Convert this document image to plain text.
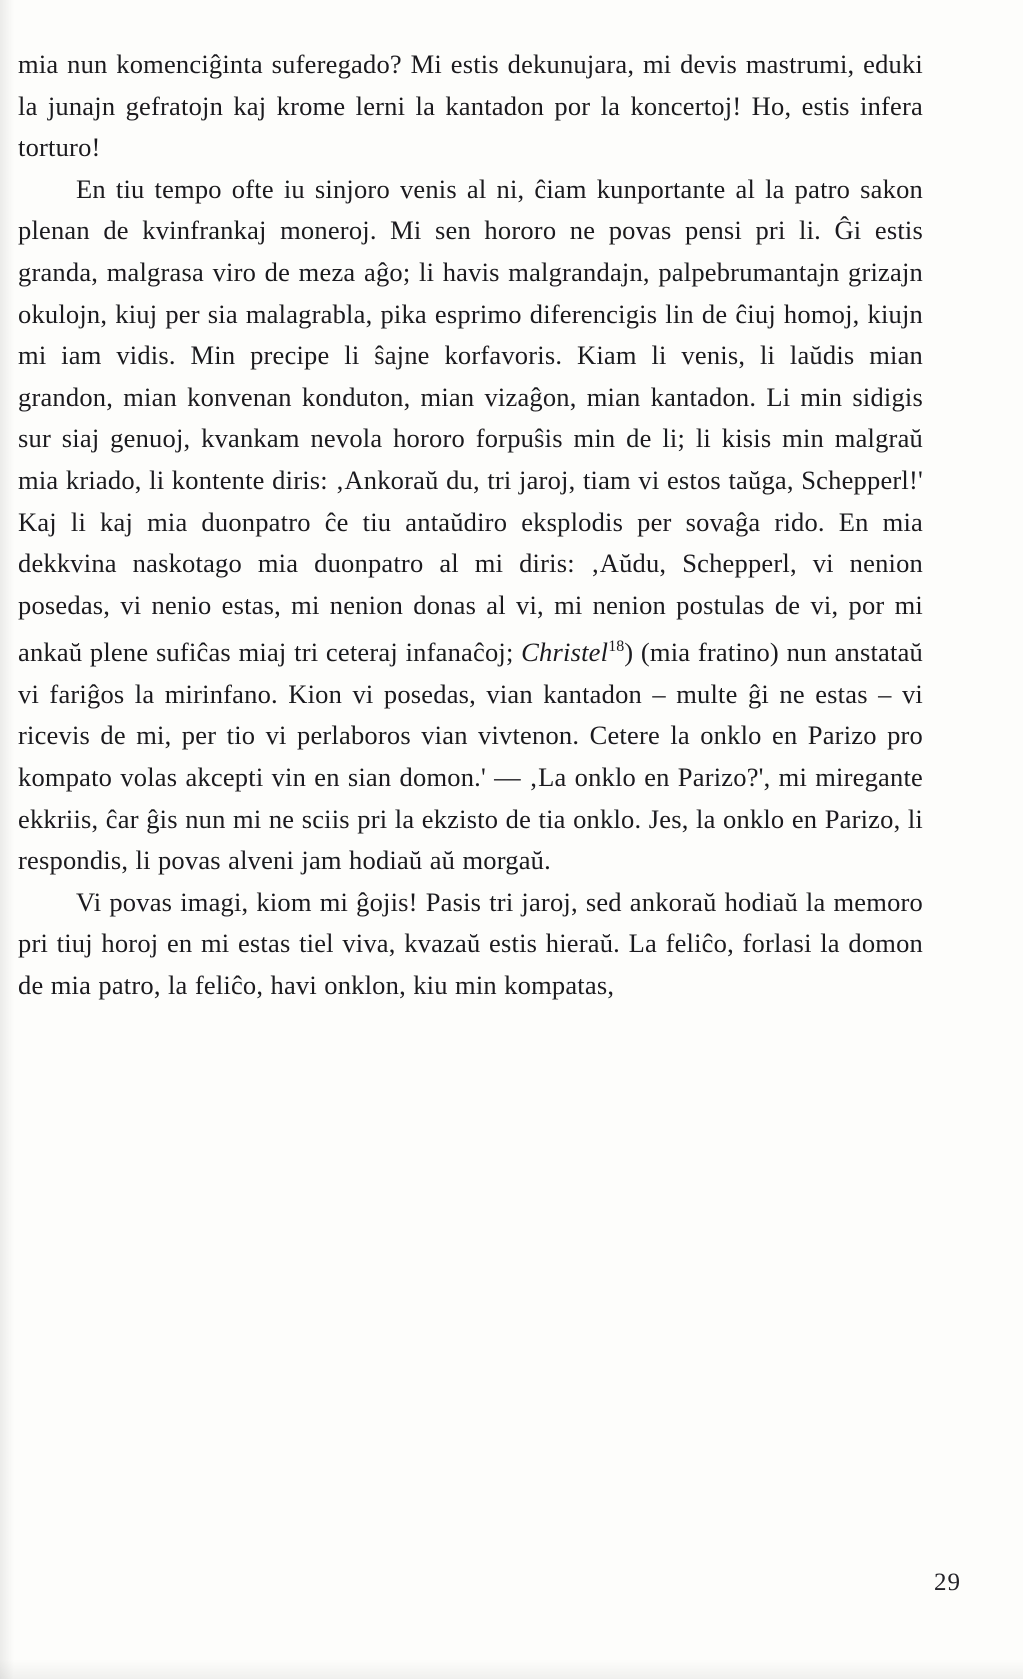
mia nun komenciĝinta suferegado? Mi estis dekunujara, mi devis mastrumi, eduki la junajn gefratojn kaj krome lerni la kantadon por la koncertoj! Ho, estis infera torturo!

En tiu tempo ofte iu sinjoro venis al ni, ĉiam kunportante al la patro sakon plenan de kvinfrankaj moneroj. Mi sen hororo ne povas pensi pri li. Ĝi estis granda, malgrasa viro de meza aĝo; li havis malgrandajn, palpebrumantajn grizajn okulojn, kiuj per sia malagrabla, pika esprimo diferencigis lin de ĉiuj homoj, kiujn mi iam vidis. Min precipe li ŝajne korfavoris. Kiam li venis, li laŭdis mian grandon, mian konvenan konduton, mian vizaĝon, mian kantadon. Li min sidigis sur siaj genuoj, kvankam nevola hororo forpuŝis min de li; li kisis min malgraŭ mia kriado, li kontente diris: ‚Ankoraŭ du, tri jaroj, tiam vi estos taŭga, Schepperl!' Kaj li kaj mia duonpatro ĉe tiu antaŭdiro eksplodis per sovaĝa rido. En mia dekkvina naskotago mia duonpatro al mi diris: ‚Aŭdu, Schepperl, vi nenion posedas, vi nenio estas, mi nenion donas al vi, mi nenion postulas de vi, por mi ankaŭ plene sufiĉas miaj tri ceteraj infanaĉoj; Christel$^{18}$) (mia fratino) nun anstataŭ vi fariĝos la mirinfano. Kion vi posedas, vian kantadon – multe ĝi ne estas – vi ricevis de mi, per tio vi perlaboros vian vivtenon. Cetere la onklo en Parizo pro kompato volas akcepti vin en sian domon.' — ‚La onklo en Parizo?', mi miregante ekkriis, ĉar ĝis nun mi ne sciis pri la ekzisto de tia onklo. Jes, la onklo en Parizo, li respondis, li povas alveni jam hodiaŭ aŭ morgaŭ.

Vi povas imagi, kiom mi ĝojis! Pasis tri jaroj, sed ankoraŭ hodiaŭ la memoro pri tiuj horoj en mi estas tiel viva, kvazaŭ estis hieraŭ. La feliĉo, forlasi la domon de mia patro, la feliĉo, havi onklon, kiu min kompatas,

29
